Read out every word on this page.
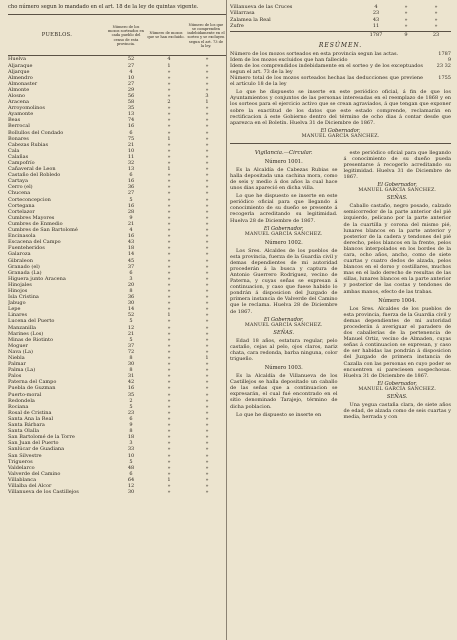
cho número segun lo mandado en el art. 18 de la ley de quintas vigente.
PUEBLOS.
Número de los mozos sorteados en cada pueblo del censo de esta provincia.
Número de mozos que se han excluido.
Número de los que se comprenden indebidamente en el sorteo y se excluyen segun el art. 73 de la ley.
Huelva	52	4	»
Aljaraque	27	1	»
Aljarque	4	»	»
Almendro	10	»	»
Almonaster	27	»	»
Almonte	29	»	»
Alosno	56	»	3
Aracena	58	2	1
Arroyomolinos	35	»	»
Ayamonte	13	»	»
Beas	74	»	»
Berrocal	16	»	»
Bollullos del Condado	6	»	»
Bonares	75	1	»
Cabezas Rubias	21	»	»
Cala	10	»	»
Calañas	11	»	»
Campofrío	32	»	»
Cañaveral de Leon	13	1	»
Castaño del Robledo	6	»	»
Cartaya	16	»	»
Cerro (el)	36	»	»
Chucena	27	»	»
Corteconcepcion	5	»	»
Cortegana	16	»	»
Cortelazor	28	»	»
Cumbres Mayores	9	»	»
Cumbres de Enmedio	21	»	»
Cumbres de San Bartolomé	4	»	»
Encinasola	16	»	»
Escacena del Campo	43	»	»
Fuenteheridos	18	»	»
Galaroza	14	»	»
Gibraleon	45	»	»
Granado (el)	37	»	»
Granada (La)	6	»	»
Higuera junto Aracena	3	»	»
Hinojales	20	»	»
Hinojos	8	»	»
Isla Cristina	36	»	»
Jabugo	30	»	»
Lepe	14	»	»
Linares	52	1	»
Lucena del Puerto	5	»	»
Manzanilla	12	»	»
Marines (Los)	21	»	»
Minas de Riotinto	5	»	»
Moguer	37	»	»
Nava (La)	72	»	»
Niebla	8	»	1
Palmar	30	»	»
Palma (La)	8	»	»
Palos	31	»	»
Paterna del Campo	42	»	»
Puebla de Guzman	16	»	»
Puerto-moral	35	»	»
Redondela	2	»	»
Rociana	5	»	»
Rosal de Cristina	23	»	»
Santa Ana la Real	6	»	»
Santa Bárbara	9	»	»
Santa Olalla	8	»	»
San Bartolomé de la Torre	18	»	»
San Juan del Puerto	3	»	»
Sanlúcar de Guadiana	33	»	»
San Silvestre	10	»	»
Trigueros	5	»	»
Valdelarco	48	»	»
Valverde del Camino	6	»	»
Villablanca	64	1	»
Villalba del Alcor	12	»	»
Villanueva de los Castillejos	30	»	»
Villanueva de las Cruces	4	»	»
Villarrasa	23	»	»
Zalamea la Real	43	»	»
Zufre	11	»	»
1787	9	23
RESÚMEN.
Número de los mozos sorteados en esta provincia segun las actas.	1787
Idem de los mozos excluidos que han fallecido	9
Idem de los comprendidos indebidamente en el sorteo y de los exceptuados segun el art. 73 de la ley
23 32
Número total de los mozos sorteados hechas las deducciones que previene el artículo 18 de la ley
1755
Lo que he dispuesto se inserte en este periódico oficial, á fin de que los Ayuntamientos y conjuntos de las personas interesadas en el reemplazo de 1868 y en los sorteos para el ejercicio activo que se crean agraviados, á que tengan que exponer sobre la exactitud de los datos que este estado comprende, reclamarán en rectificacion á este Gobierno dentro del término de ocho dias á contar desde que aparezca en el Boletín. Huelva 31 de Diciembre de 1867.
El Gobernador,
MANUEL GARCÍA SANCHEZ.
Vigilancia.—Circular.
Número 1001.
Es la Alcaldía de Cabezas Rubias se halla depositada una cachina mora, como de seis y medio á dos años la cual hace unos dias apareció en dicha villa.
Lo que he dispuesto se inserte en este periódico oficial para que llegando á conocimiento de su dueño se presente á recogerla acreditando su legitimidad. Huelva 28 de Diciembre de 1867.
El Gobernador,
MANUEL GARCÍA SANCHEZ.
Número 1002.
Los Sres. Alcaldes de los pueblos de esta provincia, fuerza de la Guardia civil y demas dependientes de mi autoridad procederán á la busca y captura de Antonio Guerrero Rodriguez, vecino de Paterna, y cuyas señas se expresan á continuacion, y caso que fuese habido lo pondrán á disposicion del Juzgado de primera instancia de Valverde del Camino que le reclama. Huelva 28 de Diciembre de 1867.
El Gobernador,
MANUEL GARCÍA SANCHEZ.
SEÑAS.
Edad 18 años, estatura regular, pelo castaño, cejas al pelo, ojos claros, nariz chata, cara redonda, barba ninguna, color trigueño.
Número 1003.
Es la Alcaldía de Villanueva de los Castillejos se halla depositado un caballo de las señas que a continuacion se expresarán, el cual fué encontrado en el sitio denominado Tarajejo, término de dicha poblacion.
Lo que he dispuesto se inserte en
este periódico oficial para que llegando á conocimiento de su dueño pueda presentarse á recogerlo acreditando su legitimidad. Huelva 31 de Diciembre de 1867.
El Gobernador,
MANUEL GARCÍA SANCHEZ.
SEÑAS.
Caballo castaño, negro posado, calzado semicorredor de la parte anterior del pié izquierdo, pelicano por la parte anterior de la cuartilla y corona del mismo pié, lunares blancos en la parte anterior y posterior de la cadera y tendones del pié derecho, pelos blancos en la frente, pelos blancos interpolados en los bordes de la cara, ocho años, ancho, como de siete cuartas y cuatro dedos de alzada, pelos blancos en el dorso y costillares, muchos mas en el lado derecho de resultas de las sillas, lunares blancos en la parte anterior y posterior de las costas y tendones de ambas manos, efecto de las trabas.
Número 1004.
Los Sres. Alcaldes de los pueblos de esta provincia, fuerza de la Guardia civil y demas dependientes de mi autoridad procederán á averiguar el paradero de dos caballerías de la pertenencia de Manuel Ortiz, vecino de Almaden, cuyas señas á continuacion se expresan, y caso de ser habidas las pondrán á disposicion del Juzgado de primera instancia de Cazalla con las personas en cuyo poder se encuentren si pareciesen sospechosas. Huelva 31 de Diciembre de 1867.
El Gobernador,
MANUEL GARCÍA SANCHEZ.
SEÑAS.
Una yegua castaña clara, de siete años de edad, de alzada como de seis cuartas y media, herrada y con
